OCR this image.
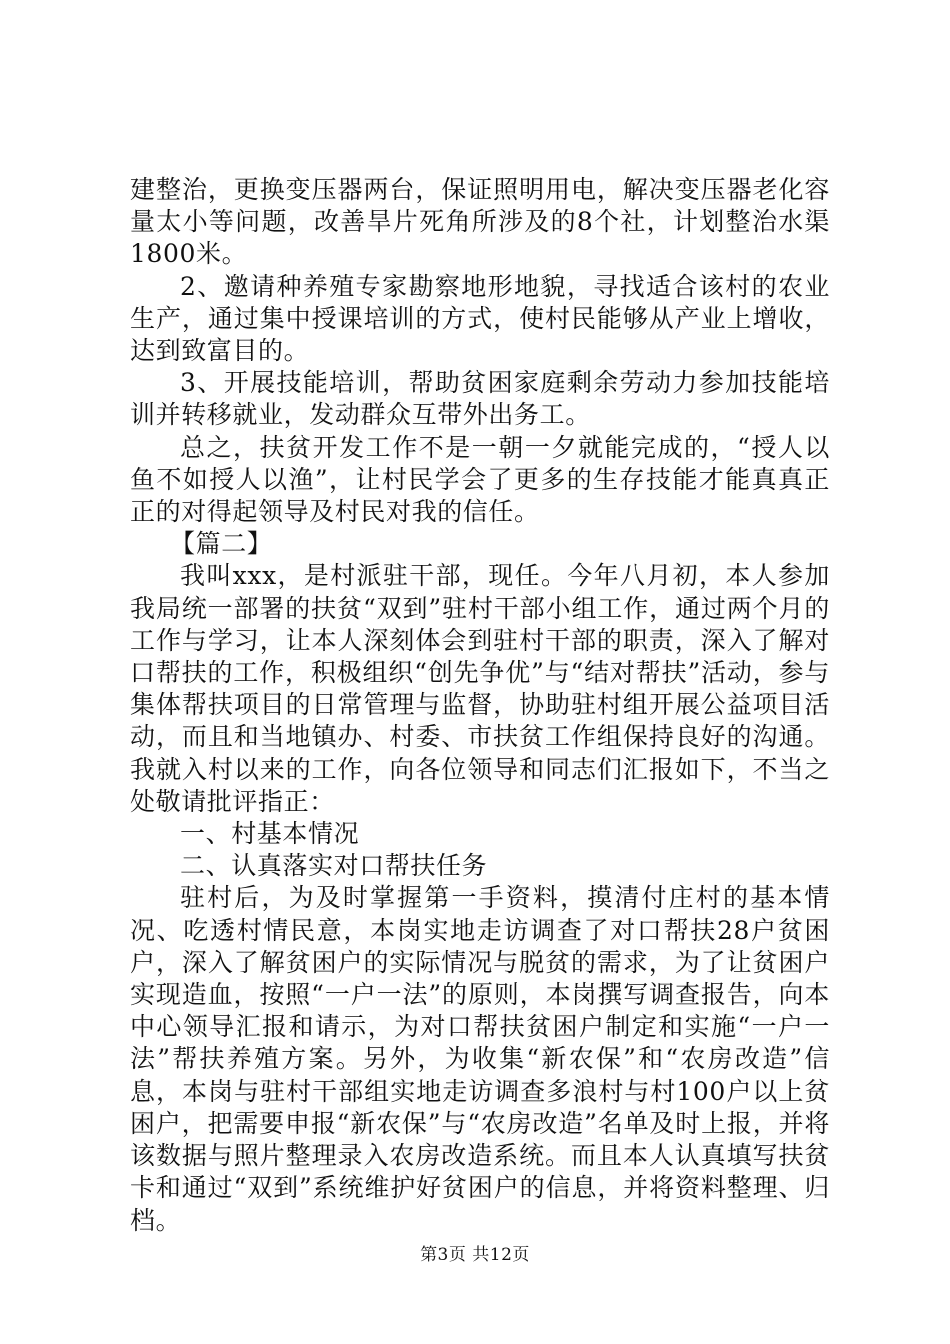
建整治，更换变压器两台，保证照明用电，解决变压器老化容量太小等问题，改善旱片死角所涉及的8个社，计划整治水渠1800米。

2、邀请种养殖专家勘察地形地貌，寻找适合该村的农业生产，通过集中授课培训的方式，使村民能够从产业上增收，达到致富目的。

3、开展技能培训，帮助贫困家庭剩余劳动力参加技能培训并转移就业，发动群众互带外出务工。

总之，扶贫开发工作不是一朝一夕就能完成的，“授人以鱼不如授人以渔”，让村民学会了更多的生存技能才能真真正正的对得起领导及村民对我的信任。

【篇二】

我叫xxx，是村派驻干部，现任。今年八月初，本人参加我局统一部署的扶贫“双到”驻村干部小组工作，通过两个月的工作与学习，让本人深刻体会到驻村干部的职责，深入了解对口帮扶的工作，积极组织“创先争优”与“结对帮扶”活动，参与集体帮扶项目的日常管理与监督，协助驻村组开展公益项目活动，而且和当地镇办、村委、市扶贫工作组保持良好的沟通。我就入村以来的工作，向各位领导和同志们汇报如下，不当之处敬请批评指正：

一、村基本情况

二、认真落实对口帮扶任务

驻村后，为及时掌握第一手资料，摸清付庄村的基本情况、吃透村情民意，本岗实地走访调查了对口帮扶28户贫困户，深入了解贫困户的实际情况与脱贫的需求，为了让贫困户实现造血，按照“一户一法”的原则，本岗撰写调查报告，向本中心领导汇报和请示，为对口帮扶贫困户制定和实施“一户一法”帮扶养殖方案。另外，为收集“新农保”和“农房改造”信息，本岗与驻村干部组实地走访调查多浪村与村100户以上贫困户，把需要申报“新农保”与“农房改造”名单及时上报，并将该数据与照片整理录入农房改造系统。而且本人认真填写扶贫卡和通过“双到”系统维护好贫困户的信息，并将资料整理、归档。

第3页 共12页
